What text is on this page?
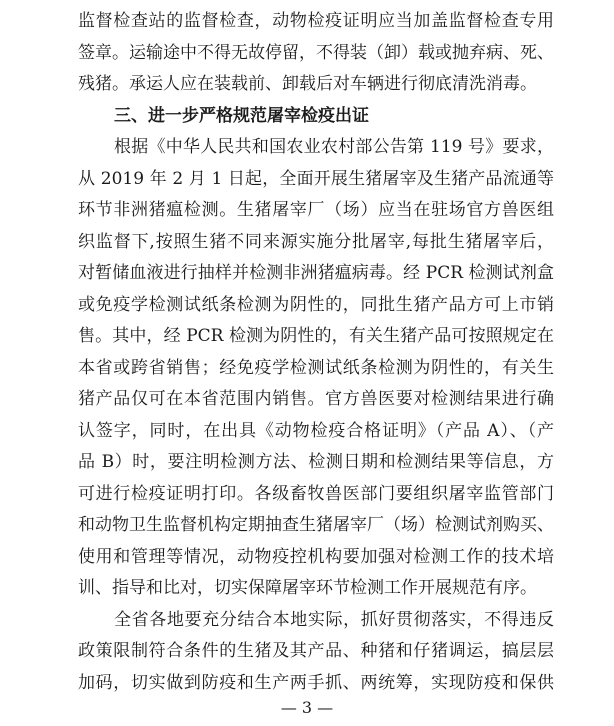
监督检查站的监督检查，动物检疫证明应当加盖监督检查专用
签章。运输途中不得无故停留，不得装（卸）载或抛弃病、死、
残猪。承运人应在装载前、卸载后对车辆进行彻底清洗消毒。
三、进一步严格规范屠宰检疫出证
根据《中华人民共和国农业农村部公告第 119 号》要求，
从 2019 年 2 月 1 日起，全面开展生猪屠宰及生猪产品流通等
环节非洲猪瘟检测。生猪屠宰厂（场）应当在驻场官方兽医组
织监督下,按照生猪不同来源实施分批屠宰,每批生猪屠宰后，
对暂储血液进行抽样并检测非洲猪瘟病毒。经 PCR 检测试剂盒
或免疫学检测试纸条检测为阴性的，同批生猪产品方可上市销
售。其中，经 PCR 检测为阴性的，有关生猪产品可按照规定在
本省或跨省销售；经免疫学检测试纸条检测为阴性的，有关生
猪产品仅可在本省范围内销售。官方兽医要对检测结果进行确
认签字，同时，在出具《动物检疫合格证明》（产品 A）、（产
品 B）时，要注明检测方法、检测日期和检测结果等信息，方
可进行检疫证明打印。各级畜牧兽医部门要组织屠宰监管部门
和动物卫生监督机构定期抽查生猪屠宰厂（场）检测试剂购买、
使用和管理等情况，动物疫控机构要加强对检测工作的技术培
训、指导和比对，切实保障屠宰环节检测工作开展规范有序。
全省各地要充分结合本地实际，抓好贯彻落实，不得违反
政策限制符合条件的生猪及其产品、种猪和仔猪调运，搞层层
加码，切实做到防疫和生产两手抓、两统筹，实现防疫和保供
— 3 —
